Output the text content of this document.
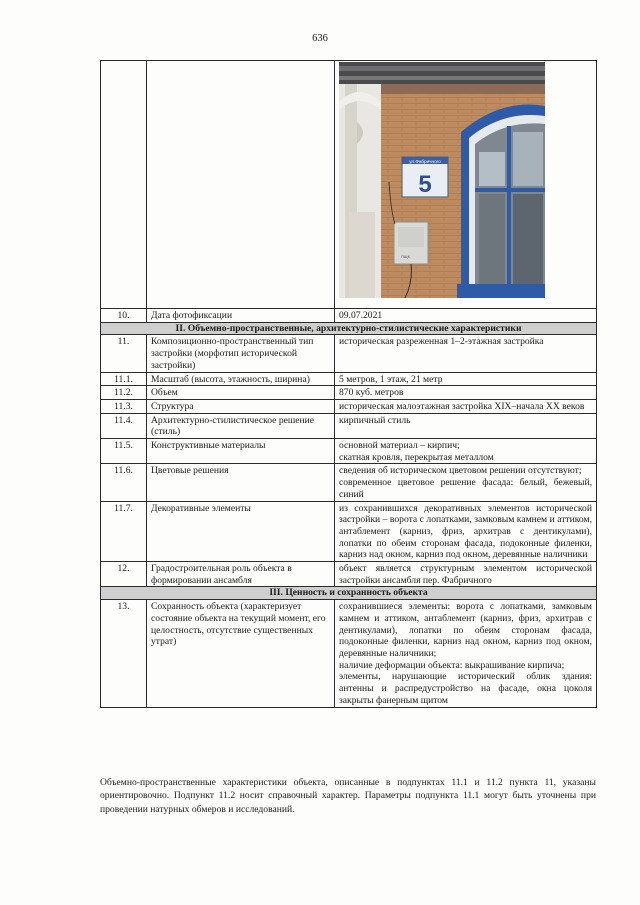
636

ул.Фабричного
5
ПЩК

10.	Дата фотофиксации	09.07.2021

II. Объемно-пространственные, архитектурно-стилистические характеристики		
11.	Композиционно-пространственный тип застройки (морфотип исторической застройки)	историческая разреженная 1–2-этажная застройка

11.1.	Масштаб (высота, этажность, ширина)	5 метров, 1 этаж, 21 метр

11.2.	Объем	870 куб. метров

11.3.	Структура	историческая малоэтажная застройка XIX–начала XX веков

11.4.	Архитектурно-стилистическое решение (стиль)	кирпичный стиль

11.5.	Конструктивные материалы	основной материал – кирпич;
скатная кровля, перекрытая металлом

11.6.	Цветовые решения	сведения об историческом цветовом решении отсутствуют;
современное цветовое решение фасада: белый, бежевый, синий

11.7.	Декоративные элементы	из сохранившихся декоративных элементов исторической застройки – ворота с лопатками, замковым камнем и аттиком, антаблемент (карниз, фриз, архитрав с дентикулами), лопатки по обеим сторонам фасада, подоконные филенки, карниз над окном, карниз под окном, деревянные наличники

12.	Градостроительная роль объекта в формировании ансамбля	объект является структурным элементом исторической застройки ансамбля пер. Фабричного

III. Ценность и сохранность объекта		
13.	Сохранность объекта (характеризует состояние объекта на текущий момент, его целостность, отсутствие существенных утрат)	сохранившиеся элементы: ворота с лопатками, замковым камнем и аттиком, антаблемент (карниз, фриз, архитрав с дентикулами), лопатки по обеим сторонам фасада, подоконные филенки, карниз над окном, карниз под окном, деревянные наличники;
наличие деформации объекта: выкрашивание кирпича;
элементы, нарушающие исторический облик здания: антенны и распредустройство на фасаде, окна цоколя закрыты фанерным щитом
Объемно-пространственные характеристики объекта, описанные в подпунктах 11.1 и 11.2 пункта 11, указаны ориентировочно. Подпункт 11.2 носит справочный характер. Параметры подпункта 11.1 могут быть уточнены при проведении натурных обмеров и исследований.
